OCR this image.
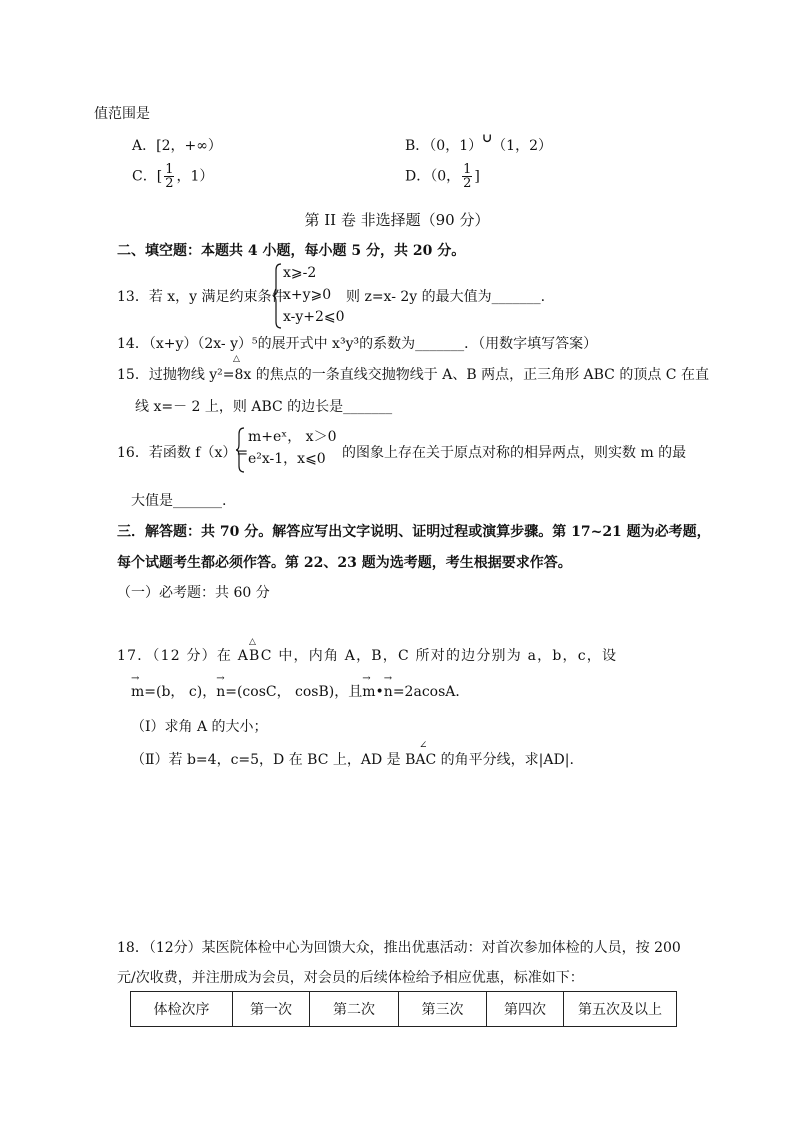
值范围是
A．[2，+∞）	B．（0，1）∪（1，2）
C．[ $\frac{1}{2}$ ，1）	D．（0， $\frac{1}{2}$ ]
第 II 卷 非选择题（90 分）
二、填空题：本题共 4 小题，每小题 5 分，共 20 分。
13．若 x，y 满足约束条件
x⩾-2
x+y⩾0
x-y+2⩽0
则 z=x- 2y 的最大值为_______.
14．（x+y）（2x- y）⁵的展开式中 x³y³的系数为_______．（用数字填写答案）
15．过抛物线 y²=8x 的焦点的一条直线交抛物线于 A、B 两点，正三角形 ABC 的顶点 C 在直
△
线 x=－ 2 上，则 ABC 的边长是_______
16．若函数 f（x）=
m+eˣ， x＞0
e²x-1，x⩽0	的图象上存在关于原点对称的相异两点，则实数 m 的最
大值是_______.
三．解答题：共 70 分。解答应写出文字说明、证明过程或演算步骤。第 17~21 题为必考题，
每个试题考生都必须作答。第 22、23 题为选考题，考生根据要求作答。
（一）必考题：共 60 分
17．（12 分）在 ABC 中，内角 A，B，C 所对的边分别为 a，b，c，设
△
→ m=(b， c)，→ n=(cosC， cosB)，且→ m•→ n=2acosA．
（Ⅰ）求角 A 的大小；
（Ⅱ）若 b=4，c=5，D 在 BC 上，AD 是 BAC 的角平分线，求|AD|.
∠
18．（12分）某医院体检中心为回馈大众，推出优惠活动：对首次参加体检的人员，按 200
元/次收费，并注册成为会员，对会员的后续体检给予相应优惠，标准如下：
体检次序	第一次	第二次	第三次	第四次	第五次及以上
